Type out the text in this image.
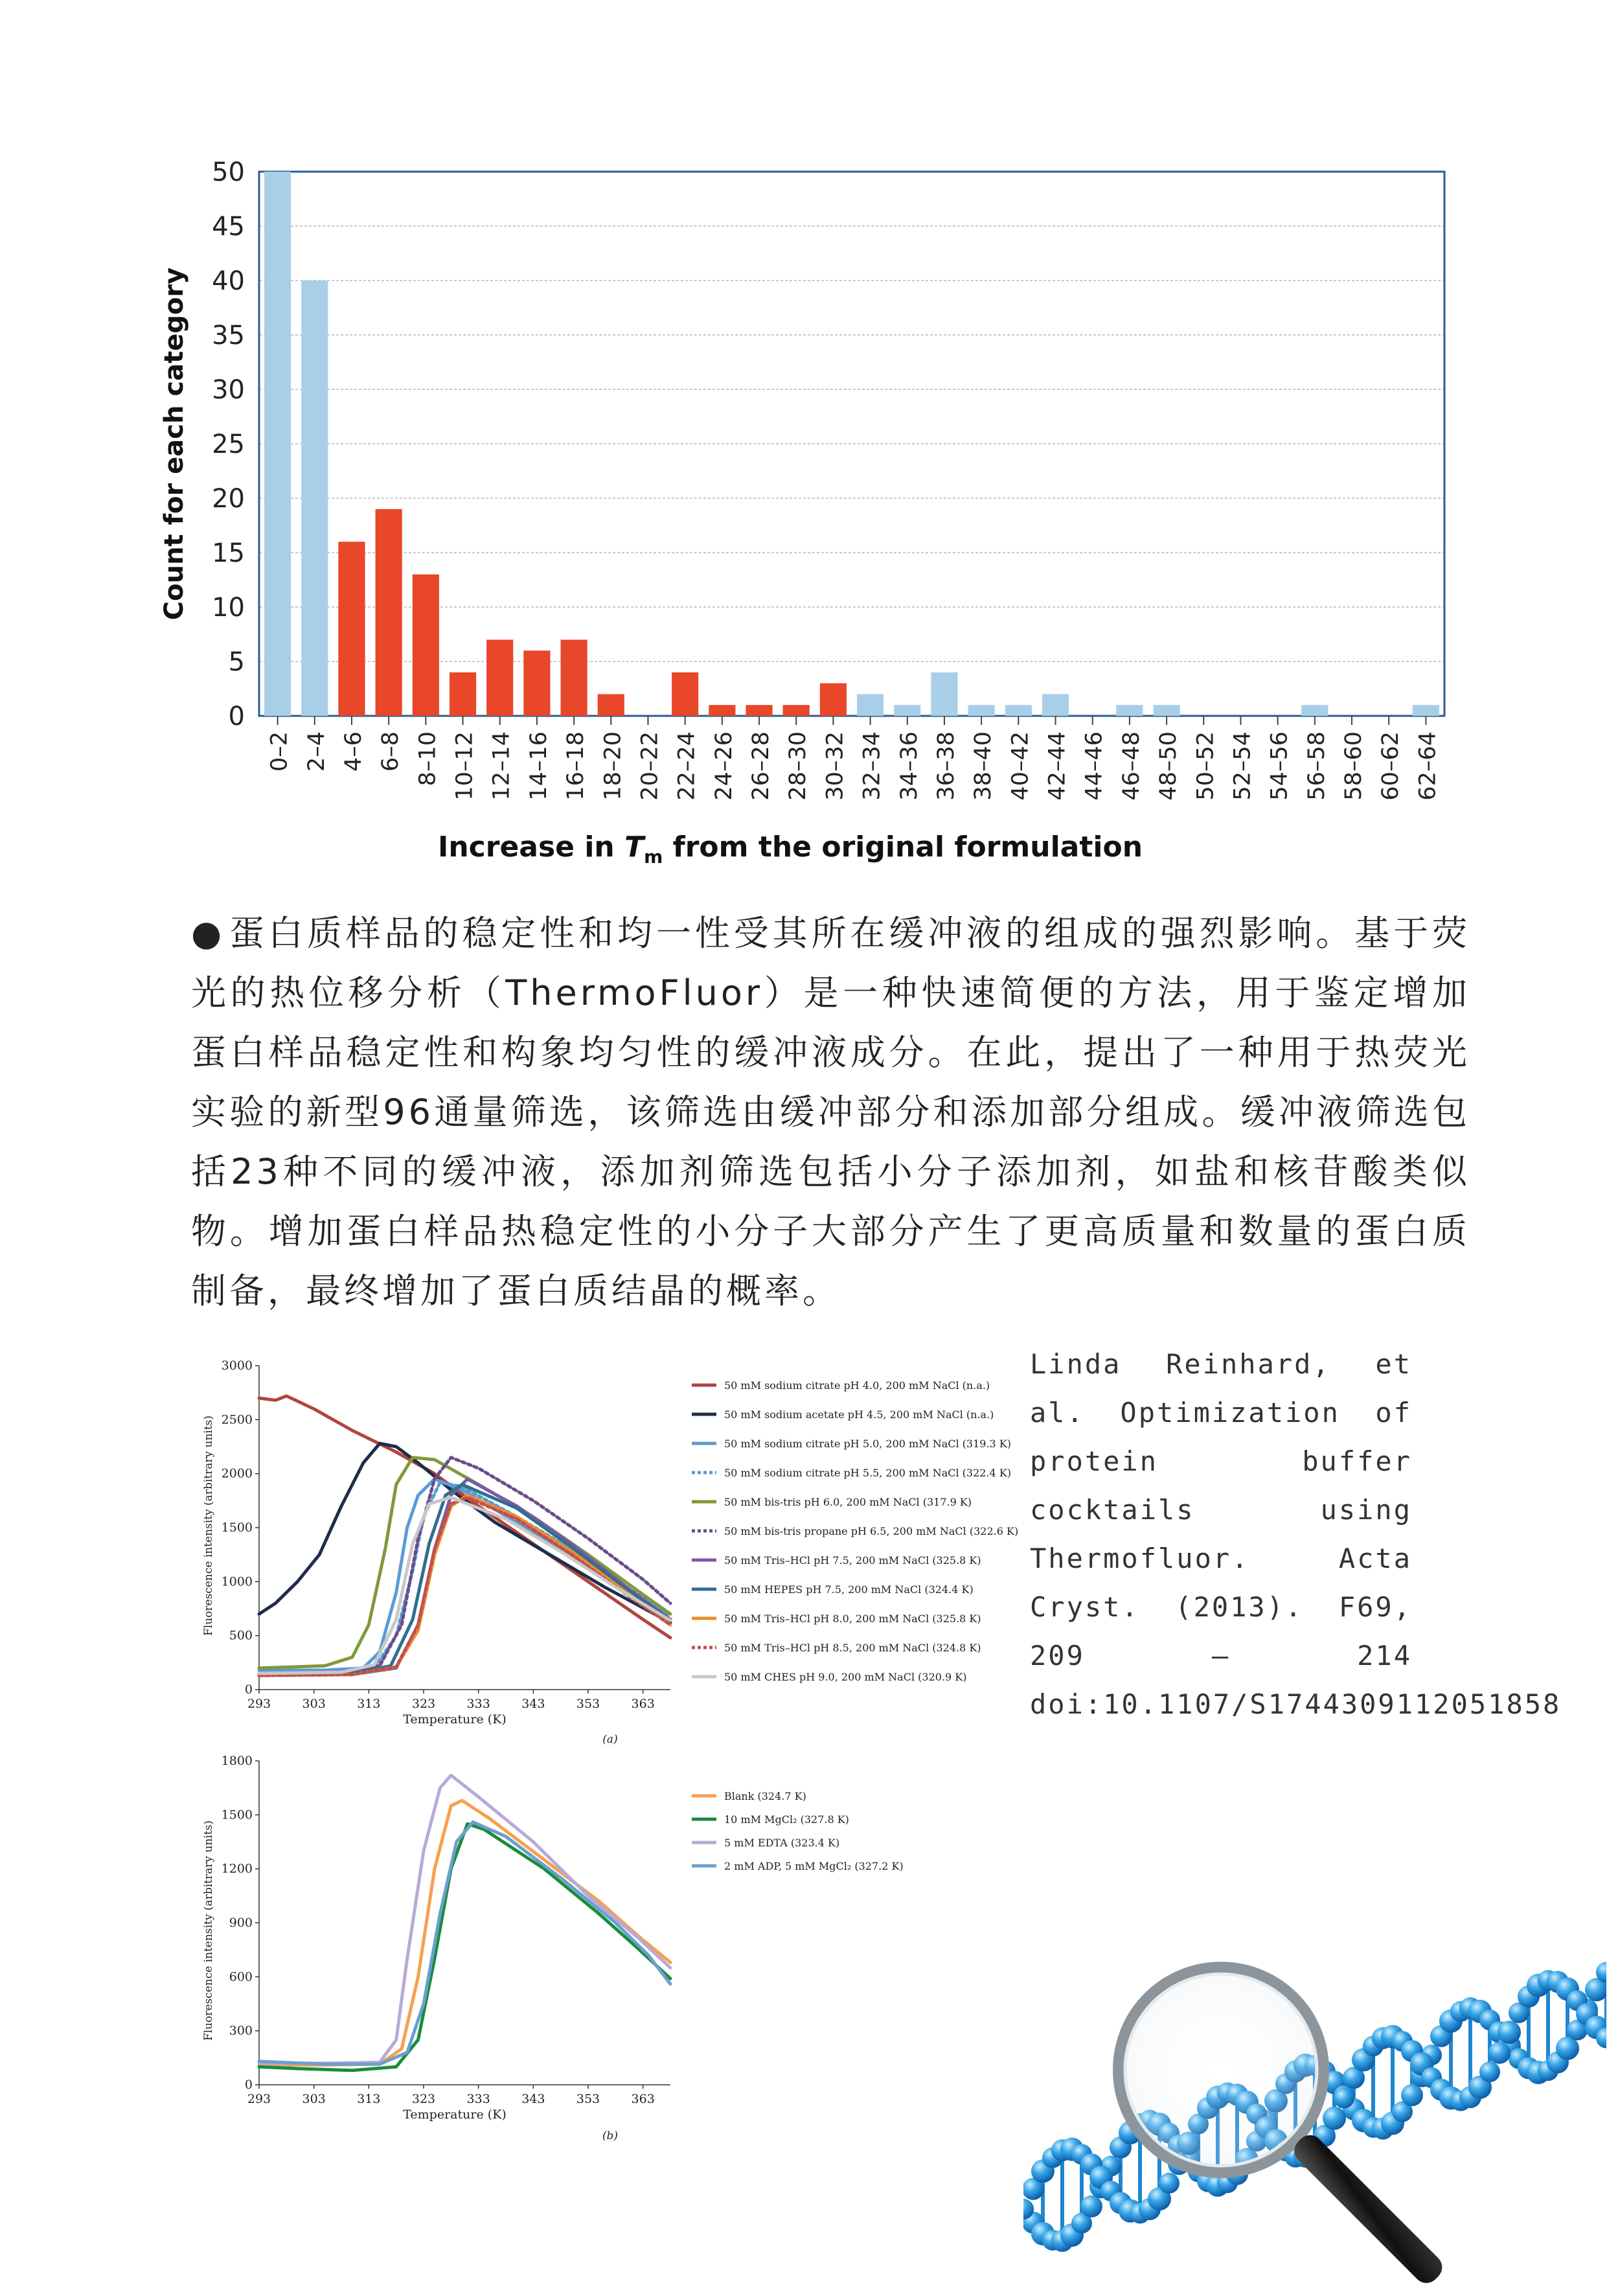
0
5
10
15
20
25
30
35
40
45
50
0–2 2–4 4–6 6–8 8–10 10–12 12–14 14–16 16–18 18–20 20–22 22–24 24–26 26–28 28–30 30–32 32–34 34–36 36–38 38–40 40–42 42–44 44–46 46–48 48–50 50–52 52–54 54–56 56–58 58–60 60–62 62–64
Count for each category
Increase in $T_m$ from the original formulation
● 蛋白质样品的稳定性和均一性受其所在缓冲液的组成的强烈影响。基于荧光的热位移分析（ThermoFluor）是一种快速简便的方法，用于鉴定增加蛋白样品稳定性和构象均匀性的缓冲液成分。在此，提出了一种用于热荧光实验的新型96通量筛选，该筛选由缓冲部分和添加部分组成。缓冲液筛选包括23种不同的缓冲液，添加剂筛选包括小分子添加剂，如盐和核苷酸类似物。增加蛋白样品热稳定性的小分子大部分产生了更高质量和数量的蛋白质制备，最终增加了蛋白质结晶的概率。
293	303	313	323	333	343	353	363
0
500
1000
1500
2000
2500
3000
50 mM sodium citrate pH 4.0, 200 mM NaCl (n.a.)
50 mM sodium acetate pH 4.5, 200 mM NaCl (n.a.)
50 mM sodium citrate pH 5.0, 200 mM NaCl (319.3 K)
50 mM sodium citrate pH 5.5, 200 mM NaCl (322.4 K)
50 mM bis-tris pH 6.0, 200 mM NaCl (317.9 K)
50 mM bis-tris propane pH 6.5, 200 mM NaCl (322.6 K)
50 mM Tris–HCl pH 7.5, 200 mM NaCl (325.8 K)
50 mM HEPES pH 7.5, 200 mM NaCl (324.4 K)
50 mM Tris–HCl pH 8.0, 200 mM NaCl (325.8 K)
50 mM Tris–HCl pH 8.5, 200 mM NaCl (324.8 K)
50 mM CHES pH 9.0, 200 mM NaCl (320.9 K)
Temperature (K)
Fluorescence intensity (arbitrary units)
(a)
293	303	313	323	333	343	353	363
0
300
600
900
1200
1500
1800
Blank (324.7 K)
10 mM MgCl₂ (327.8 K)
5 mM EDTA (323.4 K)
2 mM ADP, 5 mM MgCl₂ (327.2 K)
Temperature (K)
Fluorescence intensity (arbitrary units)
(b)
Linda Reinhard, et al. Optimization of protein buffer cocktails using Thermofluor. Acta Cryst. (2013). F69, 209 – 214 doi:10.1107/S1744309112051858
